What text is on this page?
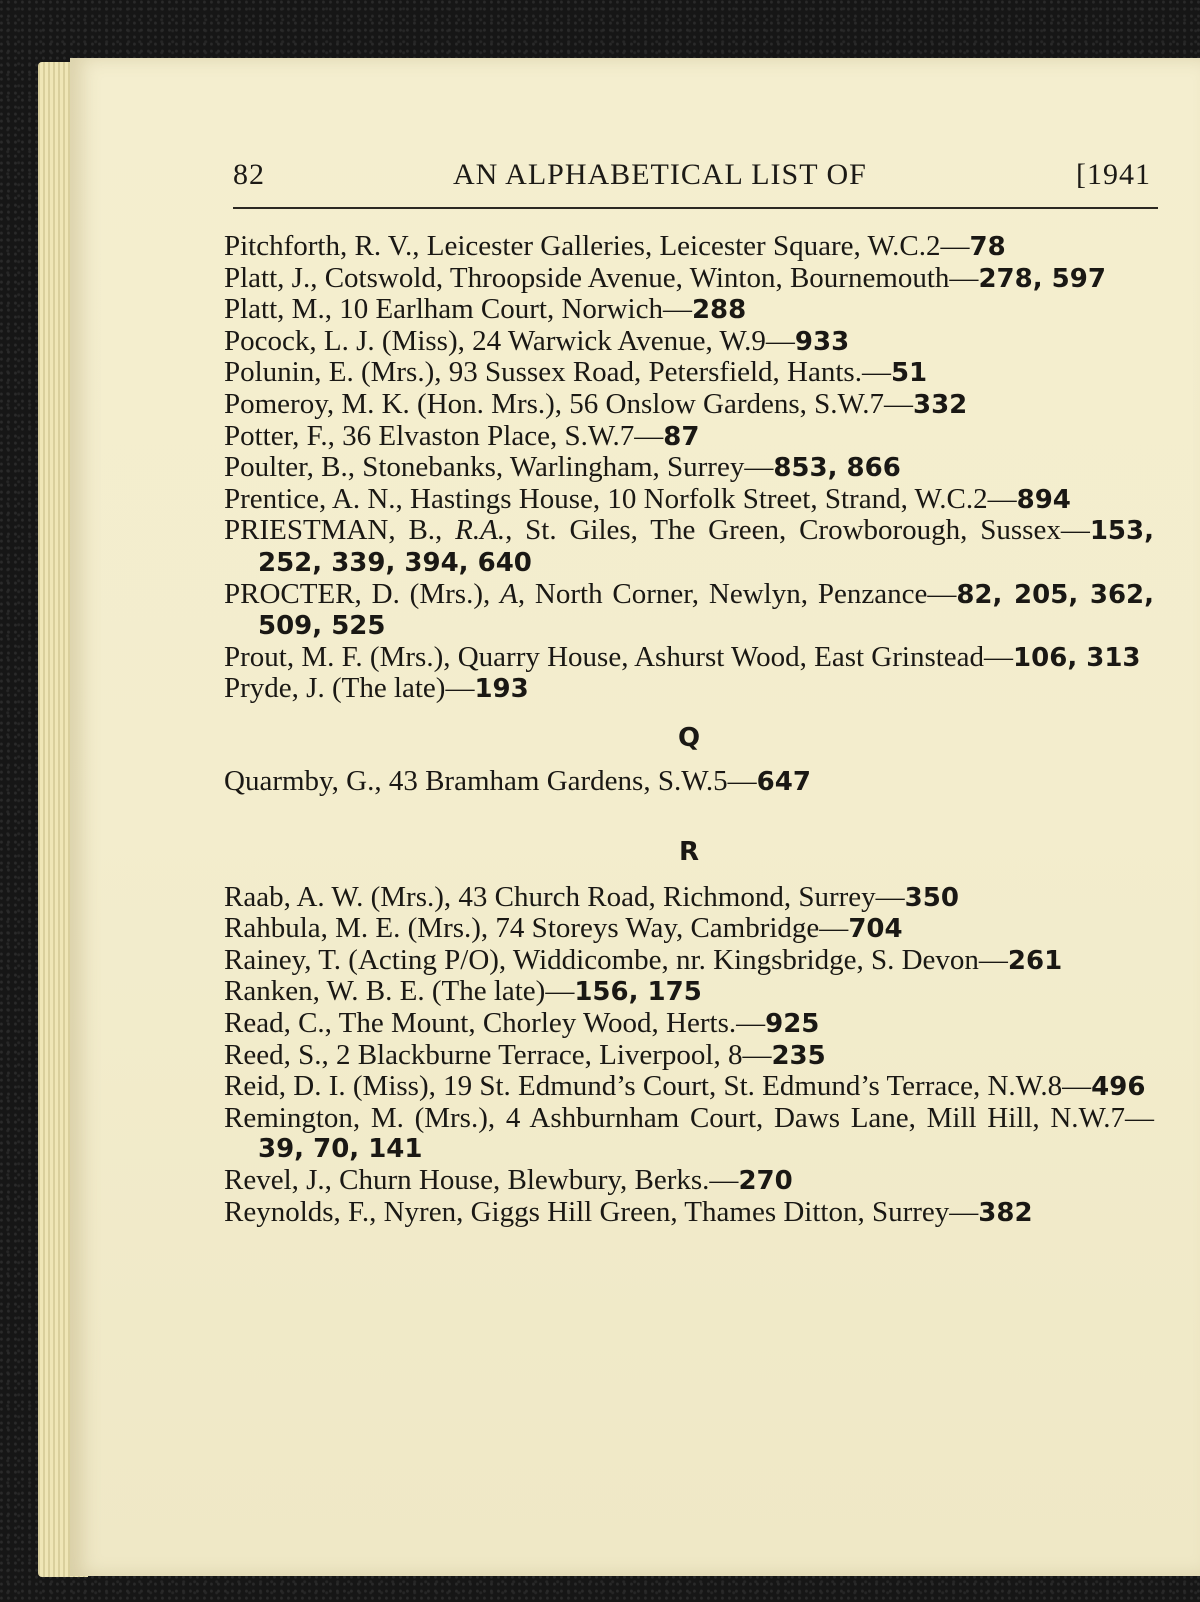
82	AN ALPHABETICAL LIST OF	[1941
Pitchforth, R. V., Leicester Galleries, Leicester Square, W.C.2—78
Platt, J., Cotswold, Throopside Avenue, Winton, Bournemouth—278, 597
Platt, M., 10 Earlham Court, Norwich—288
Pocock, L. J. (Miss), 24 Warwick Avenue, W.9—933
Polunin, E. (Mrs.), 93 Sussex Road, Petersfield, Hants.—51
Pomeroy, M. K. (Hon. Mrs.), 56 Onslow Gardens, S.W.7—332
Potter, F., 36 Elvaston Place, S.W.7—87
Poulter, B., Stonebanks, Warlingham, Surrey—853, 866
Prentice, A. N., Hastings House, 10 Norfolk Street, Strand, W.C.2—894
PRIESTMAN, B., R.A., St. Giles, The Green, Crowborough, Sussex—153, 252, 339, 394, 640
PROCTER, D. (Mrs.), A, North Corner, Newlyn, Penzance—82, 205, 362, 509, 525
Prout, M. F. (Mrs.), Quarry House, Ashurst Wood, East Grinstead—106, 313
Pryde, J. (The late)—193
Q
Quarmby, G., 43 Bramham Gardens, S.W.5—647
R
Raab, A. W. (Mrs.), 43 Church Road, Richmond, Surrey—350
Rahbula, M. E. (Mrs.), 74 Storeys Way, Cambridge—704
Rainey, T. (Acting P/O), Widdicombe, nr. Kingsbridge, S. Devon—261
Ranken, W. B. E. (The late)—156, 175
Read, C., The Mount, Chorley Wood, Herts.—925
Reed, S., 2 Blackburne Terrace, Liverpool, 8—235
Reid, D. I. (Miss), 19 St. Edmund’s Court, St. Edmund’s Terrace, N.W.8—496
Remington, M. (Mrs.), 4 Ashburnham Court, Daws Lane, Mill Hill, N.W.7—39, 70, 141
Revel, J., Churn House, Blewbury, Berks.—270
Reynolds, F., Nyren, Giggs Hill Green, Thames Ditton, Surrey—382
